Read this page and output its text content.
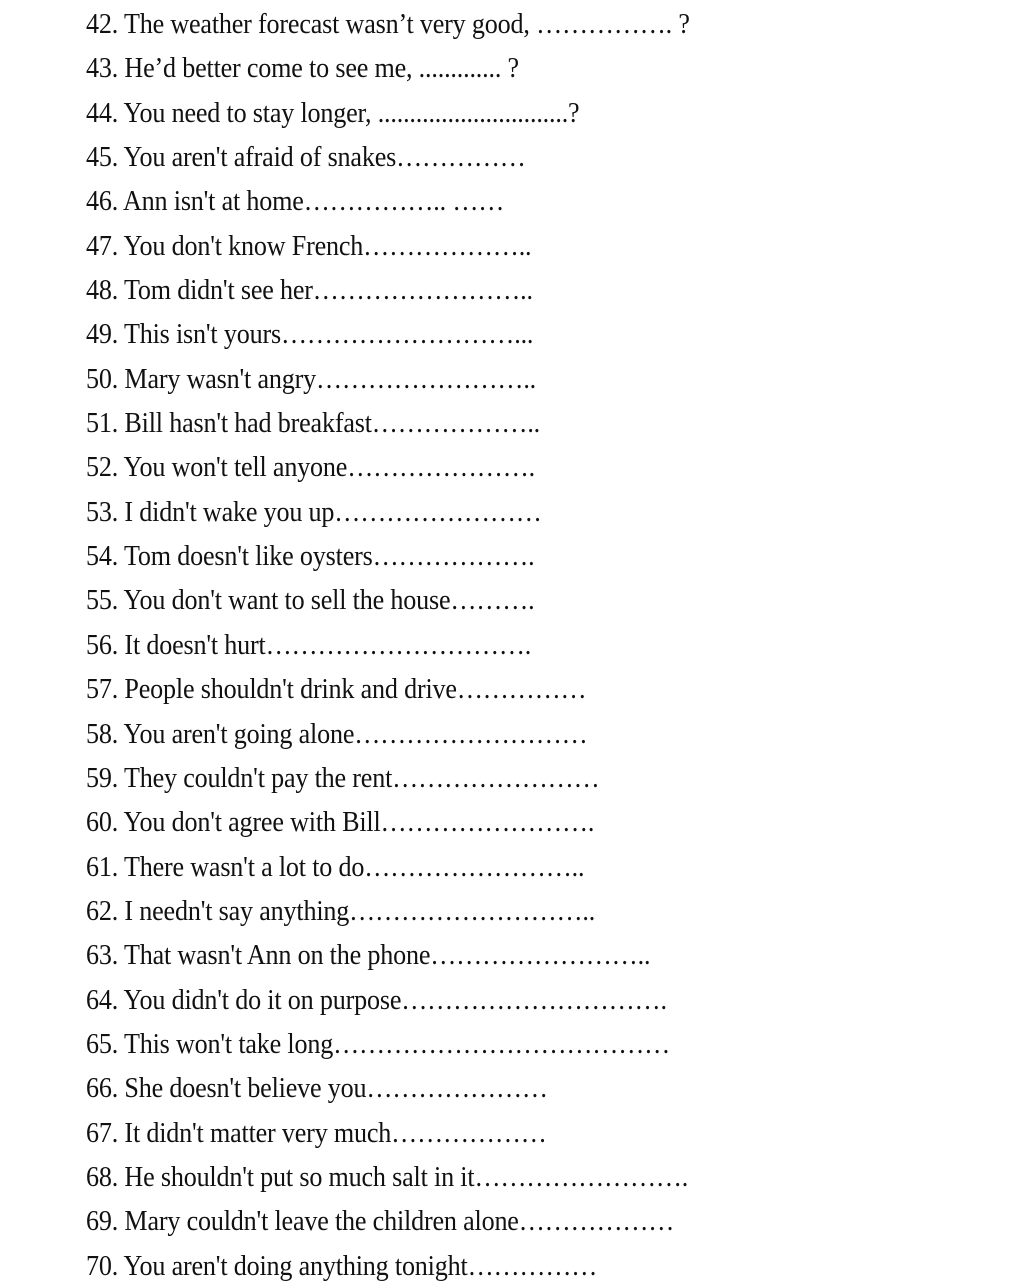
42. The weather forecast wasn’t very good, ……………. ?
43. He’d better come to see me, ............. ?
44. You need to stay longer, ..............................?
45. You aren't afraid of snakes……………
46. Ann isn't at home…………….. ……
47. You don't know French………………..
48. Tom didn't see her……………………..
49. This isn't yours………………………...
50. Mary wasn't angry……………………..
51. Bill hasn't had breakfast………………..
52. You won't tell anyone………………….
53. I didn't wake you up……………………
54. Tom doesn't like oysters……………….
55. You don't want to sell the house……….
56. It doesn't hurt………………………….
57. People shouldn't drink and drive……………
58. You aren't going alone………………………
59. They couldn't pay the rent……………………
60. You don't agree with Bill…………………….
61. There wasn't a lot to do……………………..
62. I needn't say anything………………………..
63. That wasn't Ann on the phone……………………..
64. You didn't do it on purpose………………………….
65. This won't take long…………………………………
66. She doesn't believe you…………………
67. It didn't matter very much………………
68. He shouldn't put so much salt in it…………………….
69. Mary couldn't leave the children alone………………
70. You aren't doing anything tonight……………
